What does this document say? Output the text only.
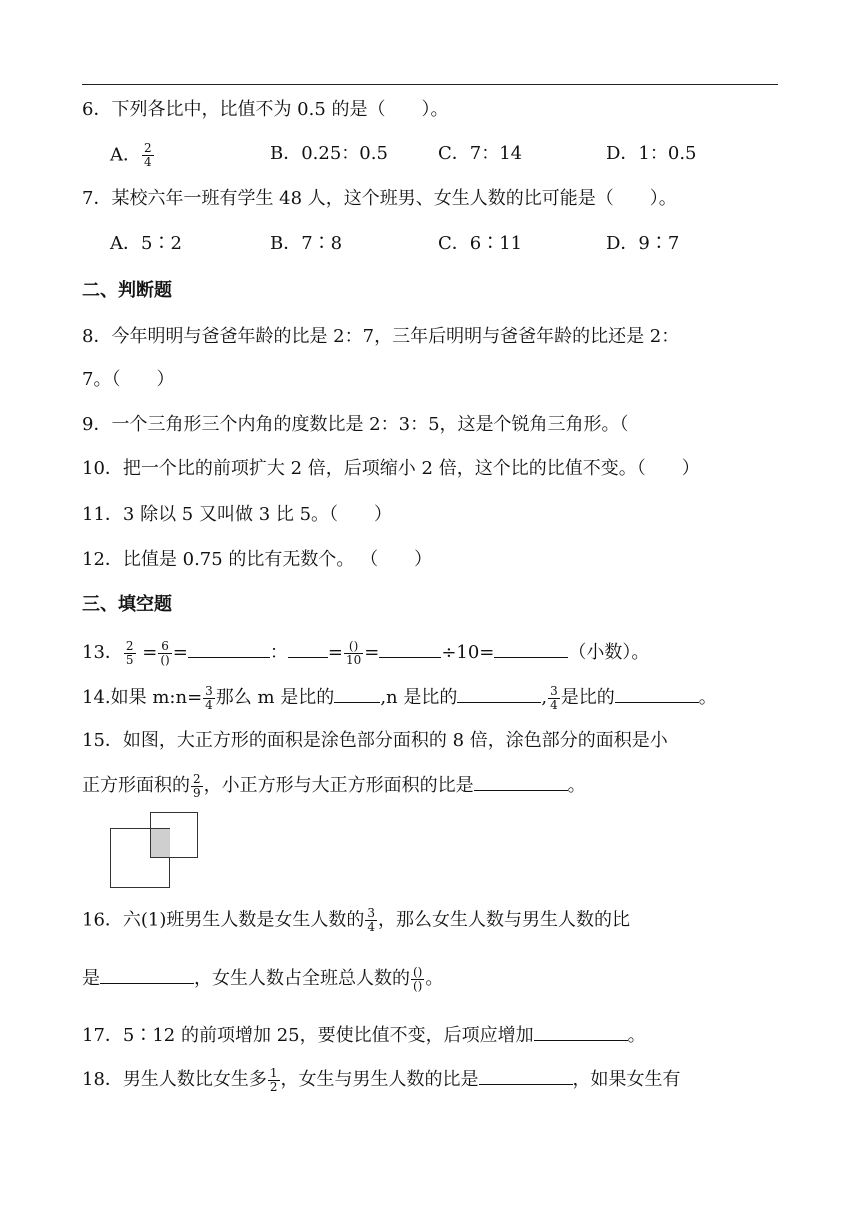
6．下列各比中，比值不为 0.5 的是（　　）。
A． $\frac{2}{4}$	B．0.25：0.5	C．7：14	D．1：0.5
7．某校六年一班有学生 48 人，这个班男、女生人数的比可能是（　　）。
A．5∶2	B．7∶8	C．6∶11	D．9∶7
二、判断题
8．今年明明与爸爸年龄的比是 2：7，三年后明明与爸爸年龄的比还是 2：
7。（　　）
9．一个三角形三个内角的度数比是 2：3：5，这是个锐角三角形。（
10．把一个比的前项扩大 2 倍，后项缩小 2 倍，这个比的比值不变。（　　）
11．3 除以 5 又叫做 3 比 5。（　　）
12．比值是 0.75 的比有无数个。 （　　）
三、填空题
13． $\frac{2}{5} = \frac{6}{()}$ =	： = $\frac{()}{10}$ =	÷10=	（小数）。
14.如果 m:n= $\frac{3}{4}$ 那么 m 是比的	,n 是比的	, $\frac{3}{4}$ 是比的	。
15．如图，大正方形的面积是涂色部分面积的 8 倍，涂色部分的面积是小
正方形面积的 $\frac{2}{9}$ ，小正方形与大正方形面积的比是	。
16．六(1)班男生人数是女生人数的 $\frac{3}{4}$ ，那么女生人数与男生人数的比
是	，女生人数占全班总人数的 $\frac{()}{()}$ 。
17．5∶12 的前项增加 25，要使比值不变，后项应增加	。
18．男生人数比女生多 $\frac{1}{2}$ ，女生与男生人数的比是	，如果女生有
